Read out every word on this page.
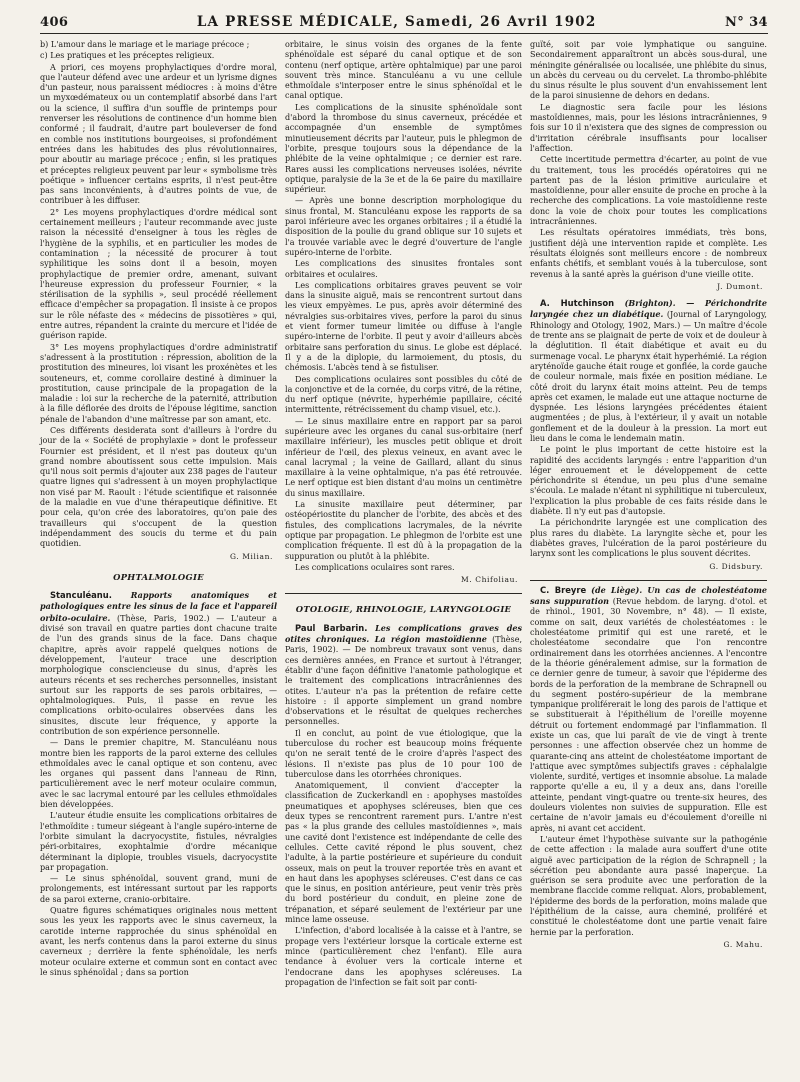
406	LA PRESSE MÉDICALE, Samedi, 26 Avril 1902	N° 34

b) L'amour dans le mariage et le mariage précoce ;

c) Les pratiques et les préceptes religieux.

A priori, ces moyens prophylactiques d'ordre moral, que l'auteur défend avec une ardeur et un lyrisme dignes d'un pasteur, nous paraissent médiocres : à moins d'être un myxœdémateux ou un contemplatif absorbé dans l'art ou la science, il suffira d'un souffle de printemps pour renverser les résolutions de continence d'un homme bien conformé ; il faudrait, d'autre part bouleverser de fond en comble nos institutions bourgeoises, si profondément entrées dans les habitudes des plus révolutionnaires, pour aboutir au mariage précoce ; enfin, si les pratiques et préceptes religieux peuvent par leur « symbolisme très poétique » influencer certains esprits, il n'est peut-être pas sans inconvénients, à d'autres points de vue, de contribuer à les diffuser.

2° Les moyens prophylactiques d'ordre médical sont certainement meilleurs ; l'auteur recommande avec juste raison la nécessité d'enseigner à tous les règles de l'hygiène de la syphilis, et en particulier les modes de contamination ; la nécessité de procurer à tout syphilitique les soins dont il a besoin, moyen prophylactique de premier ordre, amenant, suivant l'heureuse expression du professeur Fournier, « la stérilisation de la syphilis », seul procédé réellement efficace d'empêcher sa propagation. Il insiste à ce propos sur le rôle néfaste des « médecins de pissotières » qui, entre autres, répandent la crainte du mercure et l'idée de guérison rapide.

3° Les moyens prophylactiques d'ordre administratif s'adressent à la prostitution : répression, abolition de la prostitution des mineures, loi visant les proxénètes et les souteneurs, et, comme corollaire destiné à diminuer la prostitution, cause principale de la propagation de la maladie : loi sur la recherche de la paternité, attribution à la fille déflorée des droits de l'épouse légitime, sanction pénale de l'abandon d'une maîtresse par son amant, etc.

Ces différents desiderata sont d'ailleurs à l'ordre du jour de la « Société de prophylaxie » dont le professeur Fournier est président, et il n'est pas douteux qu'un grand nombre aboutissent sous cette impulsion. Mais qu'il nous soit permis d'ajouter aux 238 pages de l'auteur quatre lignes qui s'adressent à un moyen prophylactique non visé par M. Raoult : l'étude scientifique et raisonnée de la maladie en vue d'une thérapeutique définitive. Et pour cela, qu'on crée des laboratoires, qu'on paie des travailleurs qui s'occupent de la question indépendamment des soucis du terme et du pain quotidien.

G. Milian.
OPHTALMOLOGIE

Stanculéanu. Rapports anatomiques et pathologiques entre les sinus de la face et l'appareil orbito-oculaire. (Thèse, Paris, 1902.) — L'auteur a divisé son travail en quatre parties dont chacune traite de l'un des grands sinus de la face. Dans chaque chapitre, après avoir rappelé quelques notions de développement, l'auteur trace une description morphologique consciencieuse du sinus, d'après les auteurs récents et ses recherches personnelles, insistant surtout sur les rapports de ses parois orbitaires, — ophtalmologiques. Puis, il passe en revue les complications orbito-oculaires observées dans les sinusites, discute leur fréquence, y apporte la contribution de son expérience personnelle.

— Dans le premier chapitre, M. Stanculéanu nous montre bien les rapports de la paroi externe des cellules ethmoïdales avec le canal optique et son contenu, avec les organes qui passent dans l'anneau de Rinn, particulièrement avec le nerf moteur oculaire commun, avec le sac lacrymal entouré par les cellules ethmoïdales bien développées.

L'auteur étudie ensuite les complications orbitaires de l'ethmoïdite : tumeur siégeant à l'angle supéro-interne de l'orbite simulant la dacryocystite, fistules, névralgies péri-orbitaires, exophtalmie d'ordre mécanique déterminant la diplopie, troubles visuels, dacryocystite par propagation.

— Le sinus sphénoïdal, souvent grand, muni de prolongements, est intéressant surtout par les rapports de sa paroi externe, cranio-orbitaire.

Quatre figures schématiques originales nous mettent sous les yeux les rapports avec le sinus caverneux, la carotide interne rapprochée du sinus sphénoïdal en avant, les nerfs contenus dans la paroi externe du sinus caverneux ; derrière la fente sphénoïdale, les nerfs moteur oculaire externe et commun sont en contact avec le sinus sphénoïdal ; dans sa portion

orbitaire, le sinus voisin des organes de la fente sphénoïdale est séparé du canal optique et de son contenu (nerf optique, artère ophtalmique) par une paroi souvent très mince. Stanculéanu a vu une cellule ethmoïdale s'interposer entre le sinus sphénoïdal et le canal optique.

Les complications de la sinusite sphénoïdale sont d'abord la thrombose du sinus caverneux, précédée et accompagnée d'un ensemble de symptômes minutieusement décrits par l'auteur, puis le phlegmon de l'orbite, presque toujours sous la dépendance de la phlébite de la veine ophtalmique ; ce dernier est rare. Rares aussi les complications nerveuses isolées, névrite optique, paralysie de la 3e et de la 6e paire du maxillaire supérieur.

— Après une bonne description morphologique du sinus frontal, M. Stanculéanu expose les rapports de sa paroi inférieure avec les organes orbitaires ; il a étudié la disposition de la poulie du grand oblique sur 10 sujets et l'a trouvée variable avec le degré d'ouverture de l'angle supéro-interne de l'orbite.

Les complications des sinusites frontales sont orbitaires et oculaires.

Les complications orbitaires graves peuvent se voir dans la sinusite aiguë, mais se rencontrent surtout dans les vieux empyèmes. Le pus, après avoir déterminé des névralgies sus-orbitaires vives, perfore la paroi du sinus et vient former tumeur limitée ou diffuse à l'angle supéro-interne de l'orbite. Il peut y avoir d'ailleurs abcès orbitaire sans perforation du sinus. Le globe est déplacé. Il y a de la diplopie, du larmoiement, du ptosis, du chémosis. L'abcès tend à se fistuliser.

Des complications oculaires sont possibles du côté de la conjonctive et de la cornée, du corps vitré, de la rétine, du nerf optique (névrite, hyperhémie papillaire, cécité intermittente, rétrécissement du champ visuel, etc.).

— Le sinus maxillaire entre en rapport par sa paroi supérieure avec les organes du canal sus-orbitaire (nerf maxillaire inférieur), les muscles petit oblique et droit inférieur de l'œil, des plexus veineux, en avant avec le canal lacrymal ; la veine de Gaillard, allant du sinus maxillaire à la veine ophtalmique, n'a pas été retrouvée. Le nerf optique est bien distant d'au moins un centimètre du sinus maxillaire.

La sinusite maxillaire peut déterminer, par ostéopériostite du plancher de l'orbite, des abcès et des fistules, des complications lacrymales, de la névrite optique par propagation. Le phlegmon de l'orbite est une complication fréquente. Il est dû à la propagation de la suppuration ou plutôt à la phlébite.

Les complications oculaires sont rares.

M. Chifoliau.
OTOLOGIE, RHINOLOGIE, LARYNGOLOGIE

Paul Barbarin. Les complications graves des otites chroniques. La région mastoïdienne (Thèse, Paris, 1902). — De nombreux travaux sont venus, dans ces dernières années, en France et surtout à l'étranger, établir d'une façon définitive l'anatomie pathologique et le traitement des complications intracrâniennes des otites. L'auteur n'a pas la prétention de refaire cette histoire : il apporte simplement un grand nombre d'observations et le résultat de quelques recherches personnelles.

Il en conclut, au point de vue étiologique, que la tuberculose du rocher est beaucoup moins fréquente qu'on ne serait tenté de le croire d'après l'aspect des lésions. Il n'existe pas plus de 10 pour 100 de tuberculose dans les otorrhées chroniques.

Anatomiquement, il convient d'accepter la classification de Zuckerkandl en : apophyses mastoïdes pneumatiques et apophyses scléreuses, bien que ces deux types se rencontrent rarement purs. L'antre n'est pas « la plus grande des cellules mastoïdiennes », mais une cavité dont l'existence est indépendante de celle des cellules. Cette cavité répond le plus souvent, chez l'adulte, à la partie postérieure et supérieure du conduit osseux, mais on peut la trouver reportée très en avant et en haut dans les apophyses scléreuses. C'est dans ce cas que le sinus, en position antérieure, peut venir très près du bord postérieur du conduit, en pleine zone de trépanation, et séparé seulement de l'extérieur par une mince lame osseuse.

L'infection, d'abord localisée à la caisse et à l'antre, se propage vers l'extérieur lorsque la corticale externe est mince (particulièrement chez l'enfant). Elle aura tendance à évoluer vers la corticale interne et l'endocrane dans les apophyses scléreuses. La propagation de l'infection se fait soit par conti-

guïté, soit par voie lymphatique ou sanguine. Secondairement apparaîtront un abcès sous-dural, une méningite généralisée ou localisée, une phlébite du sinus, un abcès du cerveau ou du cervelet. La thrombo-phlébite du sinus résulte le plus souvent d'un envahissement lent de la paroi sinusienne de dehors en dedans.

Le diagnostic sera facile pour les lésions mastoïdiennes, mais, pour les lésions intracrâniennes, 9 fois sur 10 il n'existera que des signes de compression ou d'irritation cérébrale insuffisants pour localiser l'affection.

Cette incertitude permettra d'écarter, au point de vue du traitement, tous les procédés opératoires qui ne partent pas de la lésion primitive auriculaire et mastoïdienne, pour aller ensuite de proche en proche à la recherche des complications. La voie mastoïdienne reste donc la voie de choix pour toutes les complications intracrâniennes.

Les résultats opératoires immédiats, très bons, justifient déjà une intervention rapide et complète. Les résultats éloignés sont meilleurs encore : de nombreux enfants chétifs, et semblant voués à la tuberculose, sont revenus à la santé après la guérison d'une vieille otite.

J. Dumont.

A. Hutchinson (Brighton). — Périchondrite laryngée chez un diabétique. (Journal of Laryngology, Rhinology and Otology, 1902, Mars.) — Un maître d'école de trente ans se plaignait de perte de voix et de douleur à la déglutition. Il était diabétique et avait eu du surmenage vocal. Le pharynx était hyperhémié. La région aryténoïde gauche était rouge et gonflée, la corde gauche de couleur normale, mais fixée en position médiane. Le côté droit du larynx était moins atteint. Peu de temps après cet examen, le malade eut une attaque nocturne de dyspnée. Les lésions laryngées précédentes étaient augmentées ; de plus, à l'extérieur, il y avait un notable gonflement et de la douleur à la pression. La mort eut lieu dans le coma le lendemain matin.

Le point le plus important de cette histoire est la rapidité des accidents laryngés : entre l'apparition d'un léger enrouement et le développement de cette périchondrite si étendue, un peu plus d'une semaine s'écoula. Le malade n'étant ni syphilitique ni tuberculeux, l'explication la plus probable de ces faits réside dans le diabète. Il n'y eut pas d'autopsie.

La périchondrite laryngée est une complication des plus rares du diabète. La laryngite sèche et, pour les diabètes graves, l'ulcération de la paroi postérieure du larynx sont les complications le plus souvent décrites.

G. Didsbury.

C. Breyre (de Liège). Un cas de cholestéatome sans suppuration (Revue hebdom. de laryng. d'otol. et de rhinol., 1901, 30 Novembre, n° 48). — Il existe, comme on sait, deux variétés de cholestéatomes : le cholestéatome primitif qui est une rareté, et le cholestéatome secondaire que l'on rencontre ordinairement dans les otorrhées anciennes. A l'encontre de la théorie généralement admise, sur la formation de ce dernier genre de tumeur, à savoir que l'épiderme des bords de la perforation de la membrane de Schrapnell ou du segment postéro-supérieur de la membrane tympanique proliférerait le long des parois de l'attique et se substituerait à l'épithélium de l'oreille moyenne détruit ou fortement endommagé par l'inflammation. Il existe un cas, que lui paraît de vie de vingt à trente personnes : une affection observée chez un homme de quarante-cinq ans atteint de cholestéatome important de l'attique avec symptômes subjectifs graves : céphalalgie violente, surdité, vertiges et insomnie absolue. La malade rapporte qu'elle a eu, il y a deux ans, dans l'oreille atteinte, pendant vingt-quatre ou trente-six heures, des douleurs violentes non suivies de suppuration. Elle est certaine de n'avoir jamais eu d'écoulement d'oreille ni après, ni avant cet accident.

L'auteur émet l'hypothèse suivante sur la pathogénie de cette affection : la malade aura souffert d'une otite aiguë avec participation de la région de Schrapnell ; la sécrétion peu abondante aura passé inaperçue. La guérison se sera produite avec une perforation de la membrane flaccide comme reliquat. Alors, probablement, l'épiderme des bords de la perforation, moins malade que l'épithélium de la caisse, aura cheminé, proliféré et constitué le cholestéatome dont une partie venait faire hernie par la perforation.

G. Mahu.
